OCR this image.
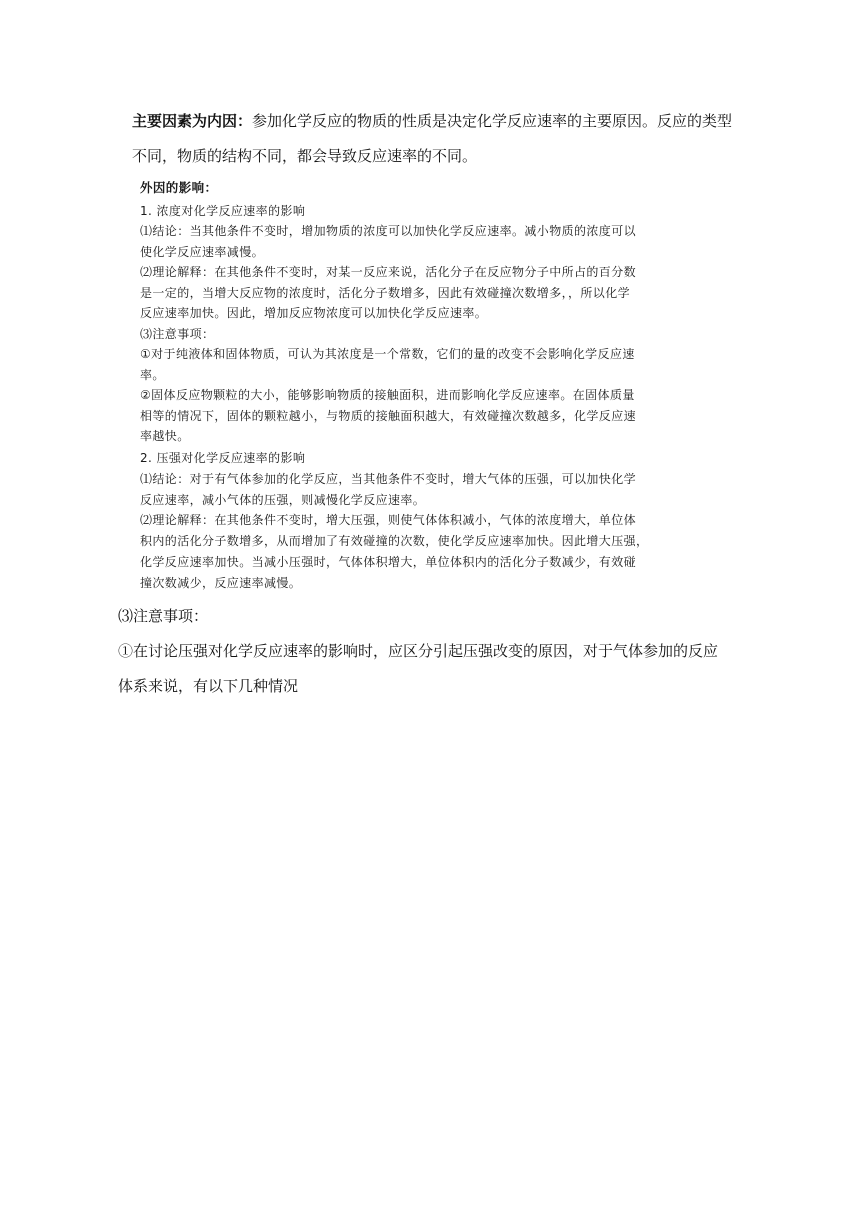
主要因素为内因：参加化学反应的物质的性质是决定化学反应速率的主要原因。反应的类型
不同，物质的结构不同，都会导致反应速率的不同。
外因的影响：
1. 浓度对化学反应速率的影响
⑴结论：当其他条件不变时，增加物质的浓度可以加快化学反应速率。减小物质的浓度可以
使化学反应速率减慢。
⑵理论解释：在其他条件不变时，对某一反应来说，活化分子在反应物分子中所占的百分数
是一定的，当增大反应物的浓度时，活化分子数增多，因此有效碰撞次数增多，，所以化学
反应速率加快。因此，增加反应物浓度可以加快化学反应速率。
⑶注意事项：
①对于纯液体和固体物质，可认为其浓度是一个常数，它们的量的改变不会影响化学反应速
率。
②固体反应物颗粒的大小，能够影响物质的接触面积，进而影响化学反应速率。在固体质量
相等的情况下，固体的颗粒越小，与物质的接触面积越大，有效碰撞次数越多，化学反应速
率越快。
2. 压强对化学反应速率的影响
⑴结论：对于有气体参加的化学反应，当其他条件不变时，增大气体的压强，可以加快化学
反应速率，减小气体的压强，则减慢化学反应速率。
⑵理论解释：在其他条件不变时，增大压强，则使气体体积减小，气体的浓度增大，单位体
积内的活化分子数增多，从而增加了有效碰撞的次数，使化学反应速率加快。因此增大压强，
化学反应速率加快。当减小压强时，气体体积增大，单位体积内的活化分子数减少，有效碰
撞次数减少，反应速率减慢。
⑶注意事项：
①在讨论压强对化学反应速率的影响时，应区分引起压强改变的原因，对于气体参加的反应
体系来说，有以下几种情况
